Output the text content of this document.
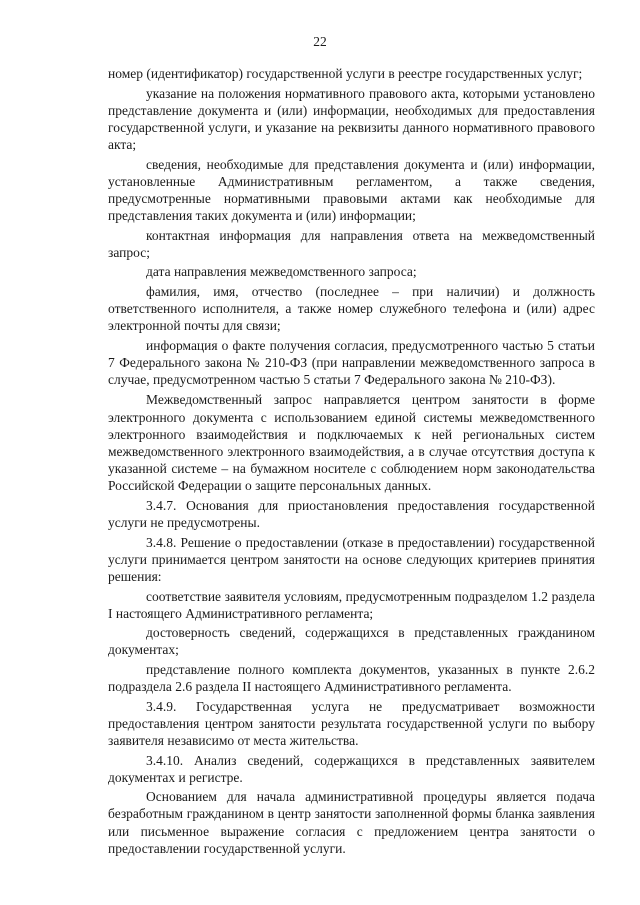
22

номер (идентификатор) государственной услуги в реестре государственных услуг;

указание на положения нормативного правового акта, которыми установлено представление документа и (или) информации, необходимых для предоставления государственной услуги, и указание на реквизиты данного нормативного правового акта;

сведения, необходимые для представления документа и (или) информации, установленные Административным регламентом, а также сведения, предусмотренные нормативными правовыми актами как необходимые для представления таких документа и (или) информации;

контактная информация для направления ответа на межведомственный запрос;

дата направления межведомственного запроса;

фамилия, имя, отчество (последнее – при наличии) и должность ответственного исполнителя, а также номер служебного телефона и (или) адрес электронной почты для связи;

информация о факте получения согласия, предусмотренного частью 5 статьи 7 Федерального закона № 210-ФЗ (при направлении межведомственного запроса в случае, предусмотренном частью 5 статьи 7 Федерального закона № 210-ФЗ).

Межведомственный запрос направляется центром занятости в форме электронного документа с использованием единой системы межведомственного электронного взаимодействия и подключаемых к ней региональных систем межведомственного электронного взаимодействия, а в случае отсутствия доступа к указанной системе – на бумажном носителе с соблюдением норм законодательства Российской Федерации о защите персональных данных.

3.4.7. Основания для приостановления предоставления государственной услуги не предусмотрены.

3.4.8. Решение о предоставлении (отказе в предоставлении) государственной услуги принимается центром занятости на основе следующих критериев принятия решения:

соответствие заявителя условиям, предусмотренным подразделом 1.2 раздела I настоящего Административного регламента;

достоверность сведений, содержащихся в представленных гражданином документах;

представление полного комплекта документов, указанных в пункте 2.6.2 подраздела 2.6 раздела II настоящего Административного регламента.

3.4.9. Государственная услуга не предусматривает возможности предоставления центром занятости результата государственной услуги по выбору заявителя независимо от места жительства.

3.4.10. Анализ сведений, содержащихся в представленных заявителем документах и регистре.

Основанием для начала административной процедуры является подача безработным гражданином в центр занятости заполненной формы бланка заявления или письменное выражение согласия с предложением центра занятости о предоставлении государственной услуги.
